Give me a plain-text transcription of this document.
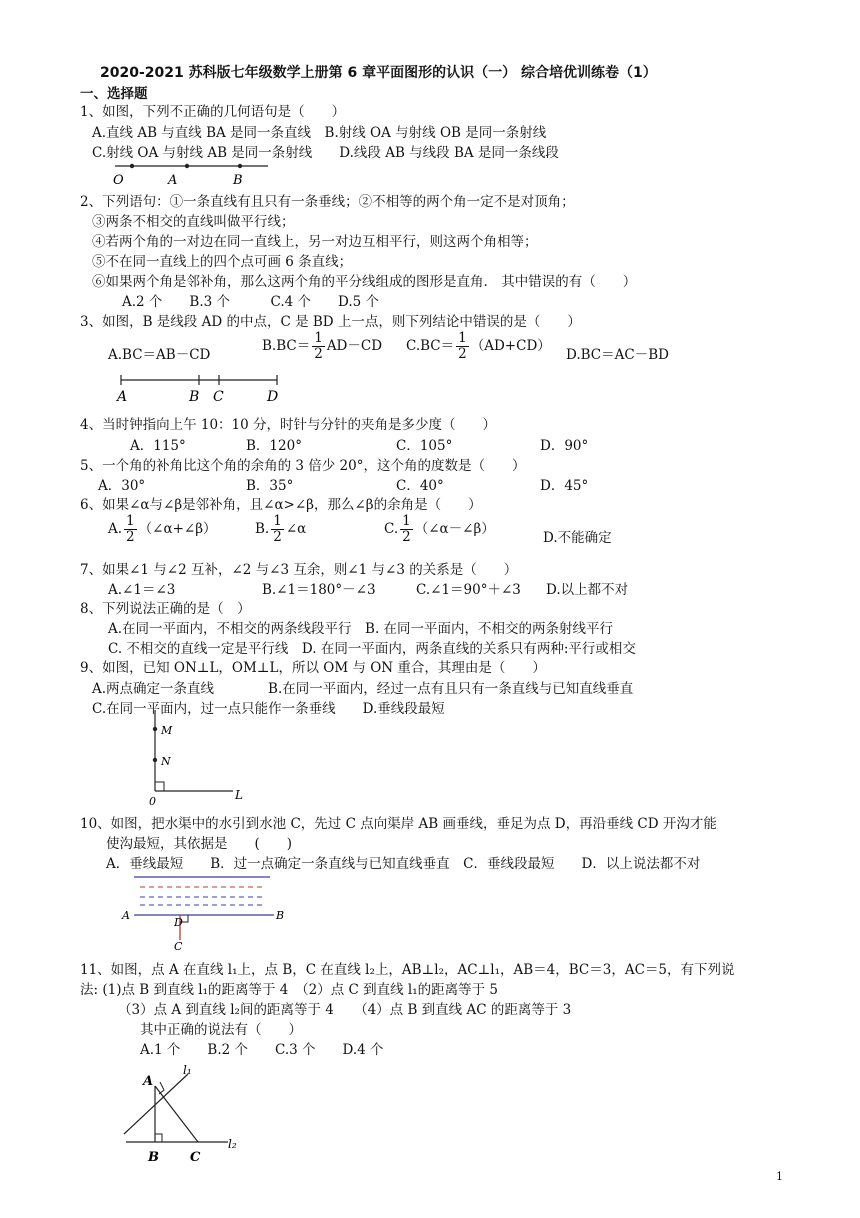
2020-2021 苏科版七年级数学上册第 6 章平面图形的认识（一） 综合培优训练卷（1）
一、选择题
1、如图，下列不正确的几何语句是（　　）
A.直线 AB 与直线 BA 是同一条直线　B.射线 OA 与射线 OB 是同一条射线
C.射线 OA 与射线 AB 是同一条射线　　D.线段 AB 与线段 BA 是同一条线段
O	A	B
2、下列语句：①一条直线有且只有一条垂线；②不相等的两个角一定不是对顶角；
③两条不相交的直线叫做平行线；
④若两个角的一对边在同一直线上，另一对边互相平行，则这两个角相等；
⑤不在同一直线上的四个点可画 6 条直线；
⑥如果两个角是邻补角，那么这两个角的平分线组成的图形是直角.　其中错误的有（　　）
A.2 个　　B.3 个　　　C.4 个　　D.5 个
3、如图，B 是线段 AD 的中点，C 是 BD 上一点，则下列结论中错误的是（　　）
A.BC＝AB－CD
$B.BC= \frac{1}{2} AD-CD$ $C.BC= \frac{1}{2} (AD+CD)$
D.BC＝AC－BD
A	B C	D
4、当时钟指向上午 10：10 分，时针与分针的夹角是多少度（　　）
A．115°	B．120°	C．105°	D．90°
5、一个角的补角比这个角的余角的 3 倍少 20°，这个角的度数是（　　）
A．30°	B．35°	C．40°	D．45°
6、如果∠α与∠β是邻补角，且∠α>∠β，那么∠β的余角是（　　）
A. $\frac{1}{2}$ （∠α+∠β）	B. $\frac{1}{2}$ ∠α	C. $\frac{1}{2}$ （∠α－∠β）
D.不能确定
7、如果∠1 与∠2 互补，∠2 与∠3 互余，则∠1 与∠3 的关系是（　　）
A.∠1＝∠3	B.∠1＝180°－∠3	C.∠1＝90°＋∠3 D.以上都不对
8、下列说法正确的是（　）
A.在同一平面内，不相交的两条线段平行　B. 在同一平面内，不相交的两条射线平行
C. 不相交的直线一定是平行线　D. 在同一平面内，两条直线的关系只有两种:平行或相交
9、如图，已知 ON⊥L，OM⊥L，所以 OM 与 ON 重合，其理由是（　　）
A.两点确定一条直线　　　　B.在同一平面内，经过一点有且只有一条直线与已知直线垂直
C.在同一平面内，过一点只能作一条垂线　　D.垂线段最短
M
N
0	L
10、如图，把水渠中的水引到水池 C，先过 C 点向渠岸 AB 画垂线，垂足为点 D，再沿垂线 CD 开沟才能
使沟最短，其依据是　　(　　)
A．垂线最短　　B．过一点确定一条直线与已知直线垂直　C．垂线段最短　　D．以上说法都不对
A	B
D
C
11、如图，点 A 在直线 l₁上，点 B，C 在直线 l₂上，AB⊥l₂，AC⊥l₁，AB＝4，BC＝3，AC＝5，有下列说
法: (1)点 B 到直线 l₁的距离等于 4　（2）点 C 到直线 l₁的距离等于 5
（3）点 A 到直线 l₂间的距离等于 4　　（4）点 B 到直线 AC 的距离等于 3
其中正确的说法有（　　）
A.1 个　　B.2 个　　C.3 个　　D.4 个
A
l₁
l₂
B C
1
